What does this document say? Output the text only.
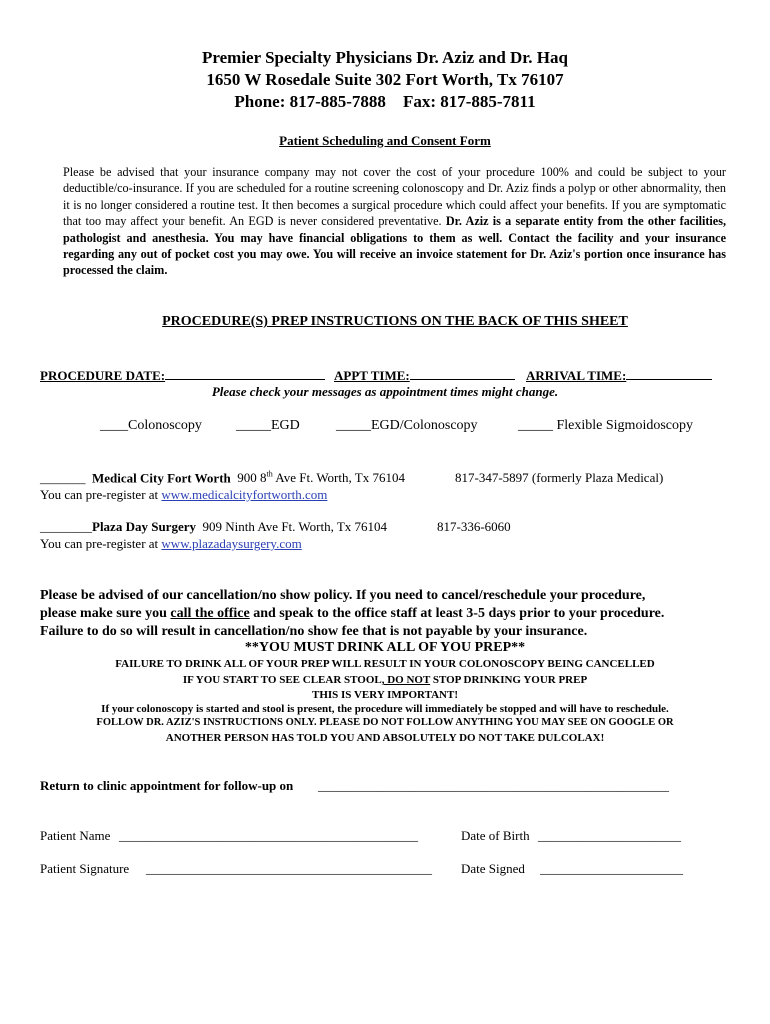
Premier Specialty Physicians Dr. Aziz and Dr. Haq
1650 W Rosedale Suite 302 Fort Worth, Tx 76107
Phone: 817-885-7888 Fax: 817-885-7811
Patient Scheduling and Consent Form
Please be advised that your insurance company may not cover the cost of your procedure 100% and could be subject to your deductible/co-insurance. If you are scheduled for a routine screening colonoscopy and Dr. Aziz finds a polyp or other abnormality, then it is no longer considered a routine test. It then becomes a surgical procedure which could affect your benefits. If you are symptomatic that too may affect your benefit. An EGD is never considered preventative. Dr. Aziz is a separate entity from the other facilities, pathologist and anesthesia. You may have financial obligations to them as well. Contact the facility and your insurance regarding any out of pocket cost you may owe. You will receive an invoice statement for Dr. Aziz's portion once insurance has processed the claim.
PROCEDURE(S) PREP INSTRUCTIONS ON THE BACK OF THIS SHEET
PROCEDURE DATE:	APPT TIME:	ARRIVAL TIME:
Please check your messages as appointment times might change.
____Colonoscopy _____EGD	_____EGD/Colonoscopy	_____ Flexible Sigmoidoscopy
_______ Medical City Fort Worth 900 8th Ave Ft. Worth, Tx 76104	817-347-5897 (formerly Plaza Medical)
You can pre-register at www.medicalcityfortworth.com
________Plaza Day Surgery 909 Ninth Ave Ft. Worth, Tx 76104	817-336-6060
You can pre-register at www.plazadaysurgery.com
Please be advised of our cancellation/no show policy. If you need to cancel/reschedule your procedure,
please make sure you call the office and speak to the office staff at least 3-5 days prior to your procedure.
Failure to do so will result in cancellation/no show fee that is not payable by your insurance.
**YOU MUST DRINK ALL OF YOU PREP**
FAILURE TO DRINK ALL OF YOUR PREP WILL RESULT IN YOUR COLONOSCOPY BEING CANCELLED
IF YOU START TO SEE CLEAR STOOL, DO NOT STOP DRINKING YOUR PREP
THIS IS VERY IMPORTANT!
If your colonoscopy is started and stool is present, the procedure will immediately be stopped and will have to reschedule.
FOLLOW DR. AZIZ'S INSTRUCTIONS ONLY. PLEASE DO NOT FOLLOW ANYTHING YOU MAY SEE ON GOOGLE OR
ANOTHER PERSON HAS TOLD YOU AND ABSOLUTELY DO NOT TAKE DULCOLAX!
Return to clinic appointment for follow-up on ______________________________________________________
Patient Name ______________________________________________	Date of Birth ______________________
Patient Signature ____________________________________________ Date Signed ______________________
